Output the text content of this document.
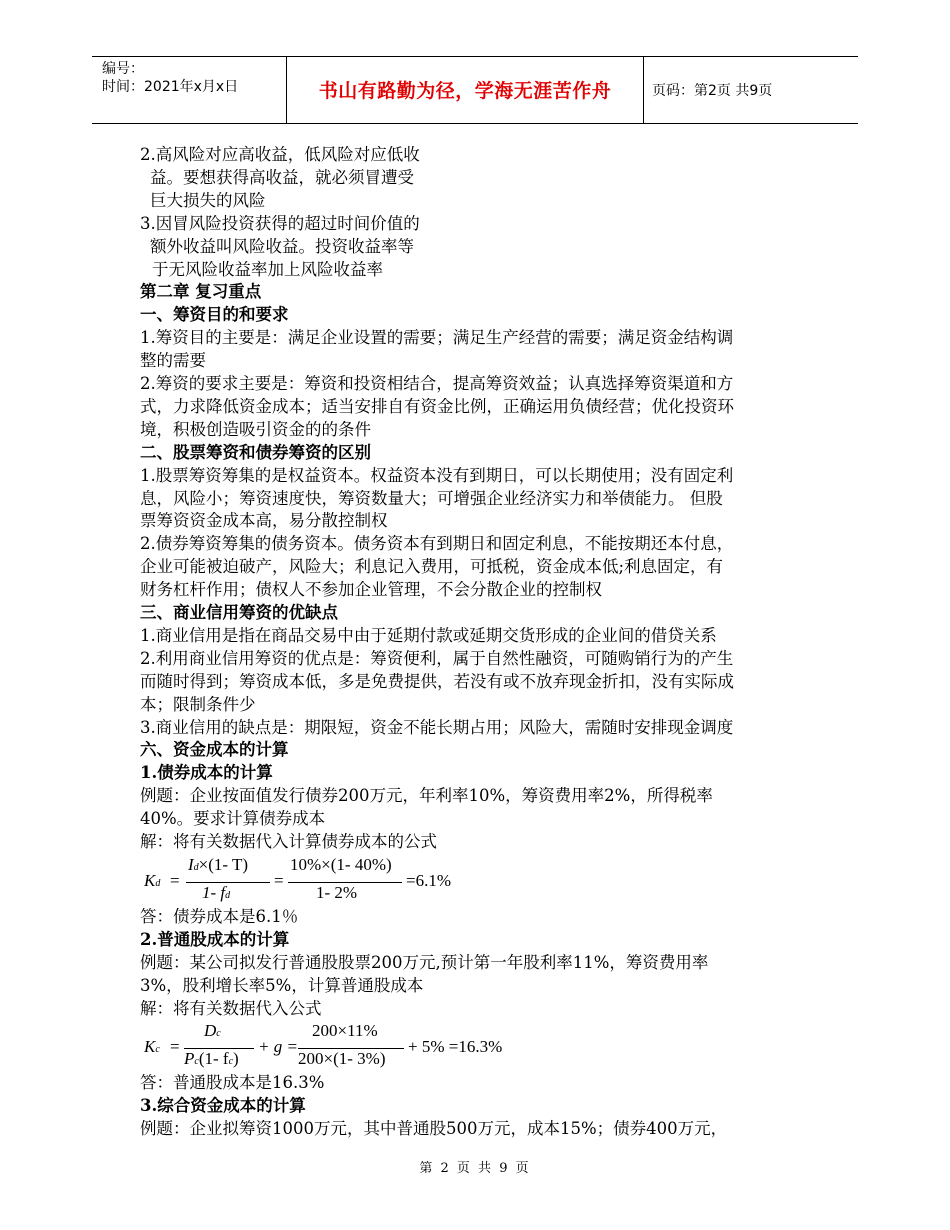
编号：
时间：2021年x月x日	书山有路勤为径，学海无涯苦作舟	页码：第2页 共9页
Kd =
Id×(1- T)
1- fd
=
10%×(1- 40%)
1- 2%
=6.1%
Kc =
Dc
Pc(1- fc)
+ g =
200×11%
200×(1- 3%)
+ 5% =16.3%
2.高风险对应高收益，低风险对应低收
益。要想获得高收益，就必须冒遭受
巨大损失的风险
3.因冒风险投资获得的超过时间价值的
额外收益叫风险收益。投资收益率等
于无风险收益率加上风险收益率
第二章 复习重点
一、筹资目的和要求
1.筹资目的主要是：满足企业设置的需要；满足生产经营的需要；满足资金结构调
整的需要
2.筹资的要求主要是：筹资和投资相结合，提高筹资效益；认真选择筹资渠道和方
式，力求降低资金成本；适当安排自有资金比例，正确运用负债经营；优化投资环
境，积极创造吸引资金的的条件
二、股票筹资和债券筹资的区别
1.股票筹资筹集的是权益资本。权益资本没有到期日，可以长期使用；没有固定利
息，风险小；筹资速度快，筹资数量大；可增强企业经济实力和举债能力。 但股
票筹资资金成本高，易分散控制权
2.债券筹资筹集的债务资本。债务资本有到期日和固定利息，不能按期还本付息，
企业可能被迫破产，风险大；利息记入费用，可抵税，资金成本低;利息固定，有
财务杠杆作用；债权人不参加企业管理，不会分散企业的控制权
三、商业信用筹资的优缺点
1.商业信用是指在商品交易中由于延期付款或延期交货形成的企业间的借贷关系
2.利用商业信用筹资的优点是：筹资便利，属于自然性融资，可随购销行为的产生
而随时得到；筹资成本低，多是免费提供，若没有或不放弃现金折扣，没有实际成
本；限制条件少
3.商业信用的缺点是：期限短，资金不能长期占用；风险大，需随时安排现金调度
六、资金成本的计算
1.债券成本的计算
例题：企业按面值发行债券200万元，年利率10%，筹资费用率2%，所得税率
40%。要求计算债券成本
解：将有关数据代入计算债券成本的公式
答：债券成本是6.1％
2.普通股成本的计算
例题：某公司拟发行普通股股票200万元,预计第一年股利率11%，筹资费用率
3%，股利增长率5%，计算普通股成本
解：将有关数据代入公式
答：普通股成本是16.3%
3.综合资金成本的计算
例题：企业拟筹资1000万元，其中普通股500万元，成本15%；债券400万元，
第 2 页 共 9 页
